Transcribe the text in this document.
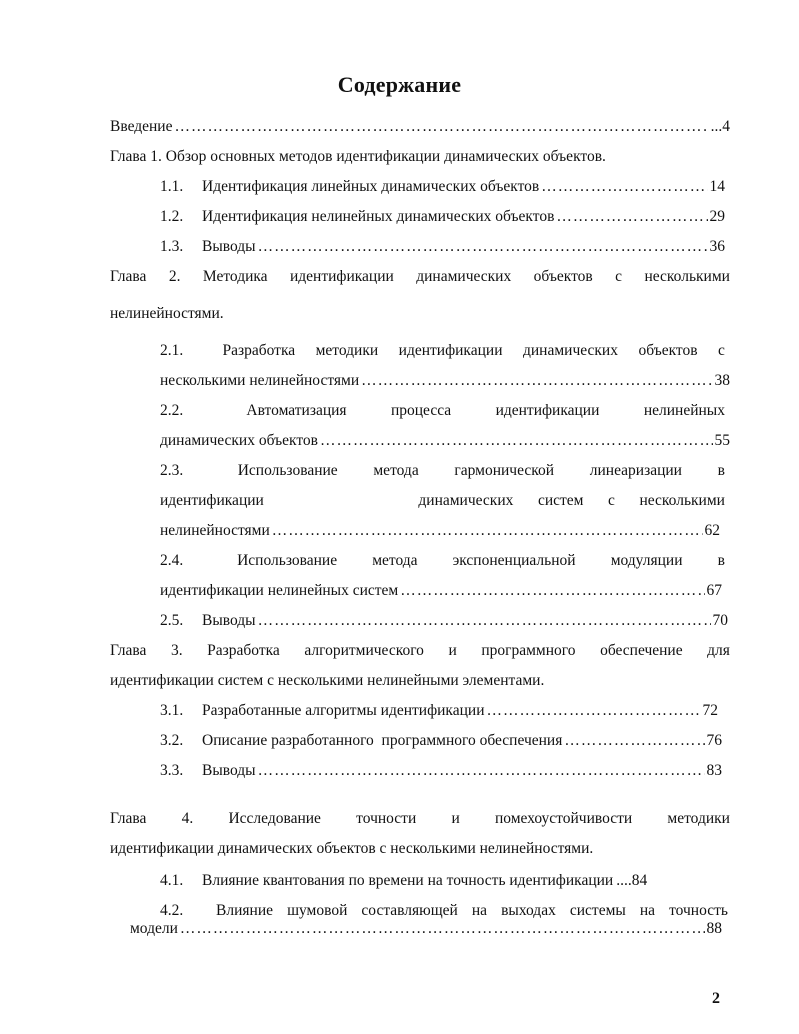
Содержание
Введение ……………………………………………………………………………………………………………………	...4
Глава 1. Обзор основных методов идентификации динамических объектов.
1.1.	Идентификация линейных динамических объектов ……………………………………………………………………………………………………………………	14
1.2.	Идентификация нелинейных динамических объектов ……………………………………………………………………………………………………………………	29
1.3.	Выводы ……………………………………………………………………………………………………………………	36
Глава 2. Методика идентификации динамических объектов с несколькими
нелинейностями.
2.1.	Разработка методики идентификации динамических объектов с
несколькими нелинейностями ……………………………………………………………………………………………………………………	38
2.2.	Автоматизация	процесса	идентификации	нелинейных
динамических объектов ……………………………………………………………………………………………………………………	55
2.3.	Использование метода гармонической линеаризации в
идентификации	динамических систем с несколькими
нелинейностями ……………………………………………………………………………………………………………………	62
2.4.	Использование метода экспоненциальной модуляции в
идентификации нелинейных систем ……………………………………………………………………………………………………………………	67
2.5.	Выводы ……………………………………………………………………………………………………………………	70
Глава 3. Разработка алгоритмического и программного обеспечение для
идентификации систем с несколькими нелинейными элементами.
3.1.	Разработанные алгоритмы идентификации ……………………………………………………………………………………………………………………	72
3.2.	Описание разработанного  программного обеспечения ……………………………………………………………………………………………………………………	76
3.3.	Выводы ……………………………………………………………………………………………………………………	83
Глава 4. Исследование точности и помехоустойчивости методики
идентификации динамических объектов с несколькими нелинейностями.
4.1.	Влияние квантования по времени на точность идентификации ....84
4.2.	Влияние шумовой составляющей на выходах системы на точность
модели ……………………………………………………………………………………………………………………	88
2
